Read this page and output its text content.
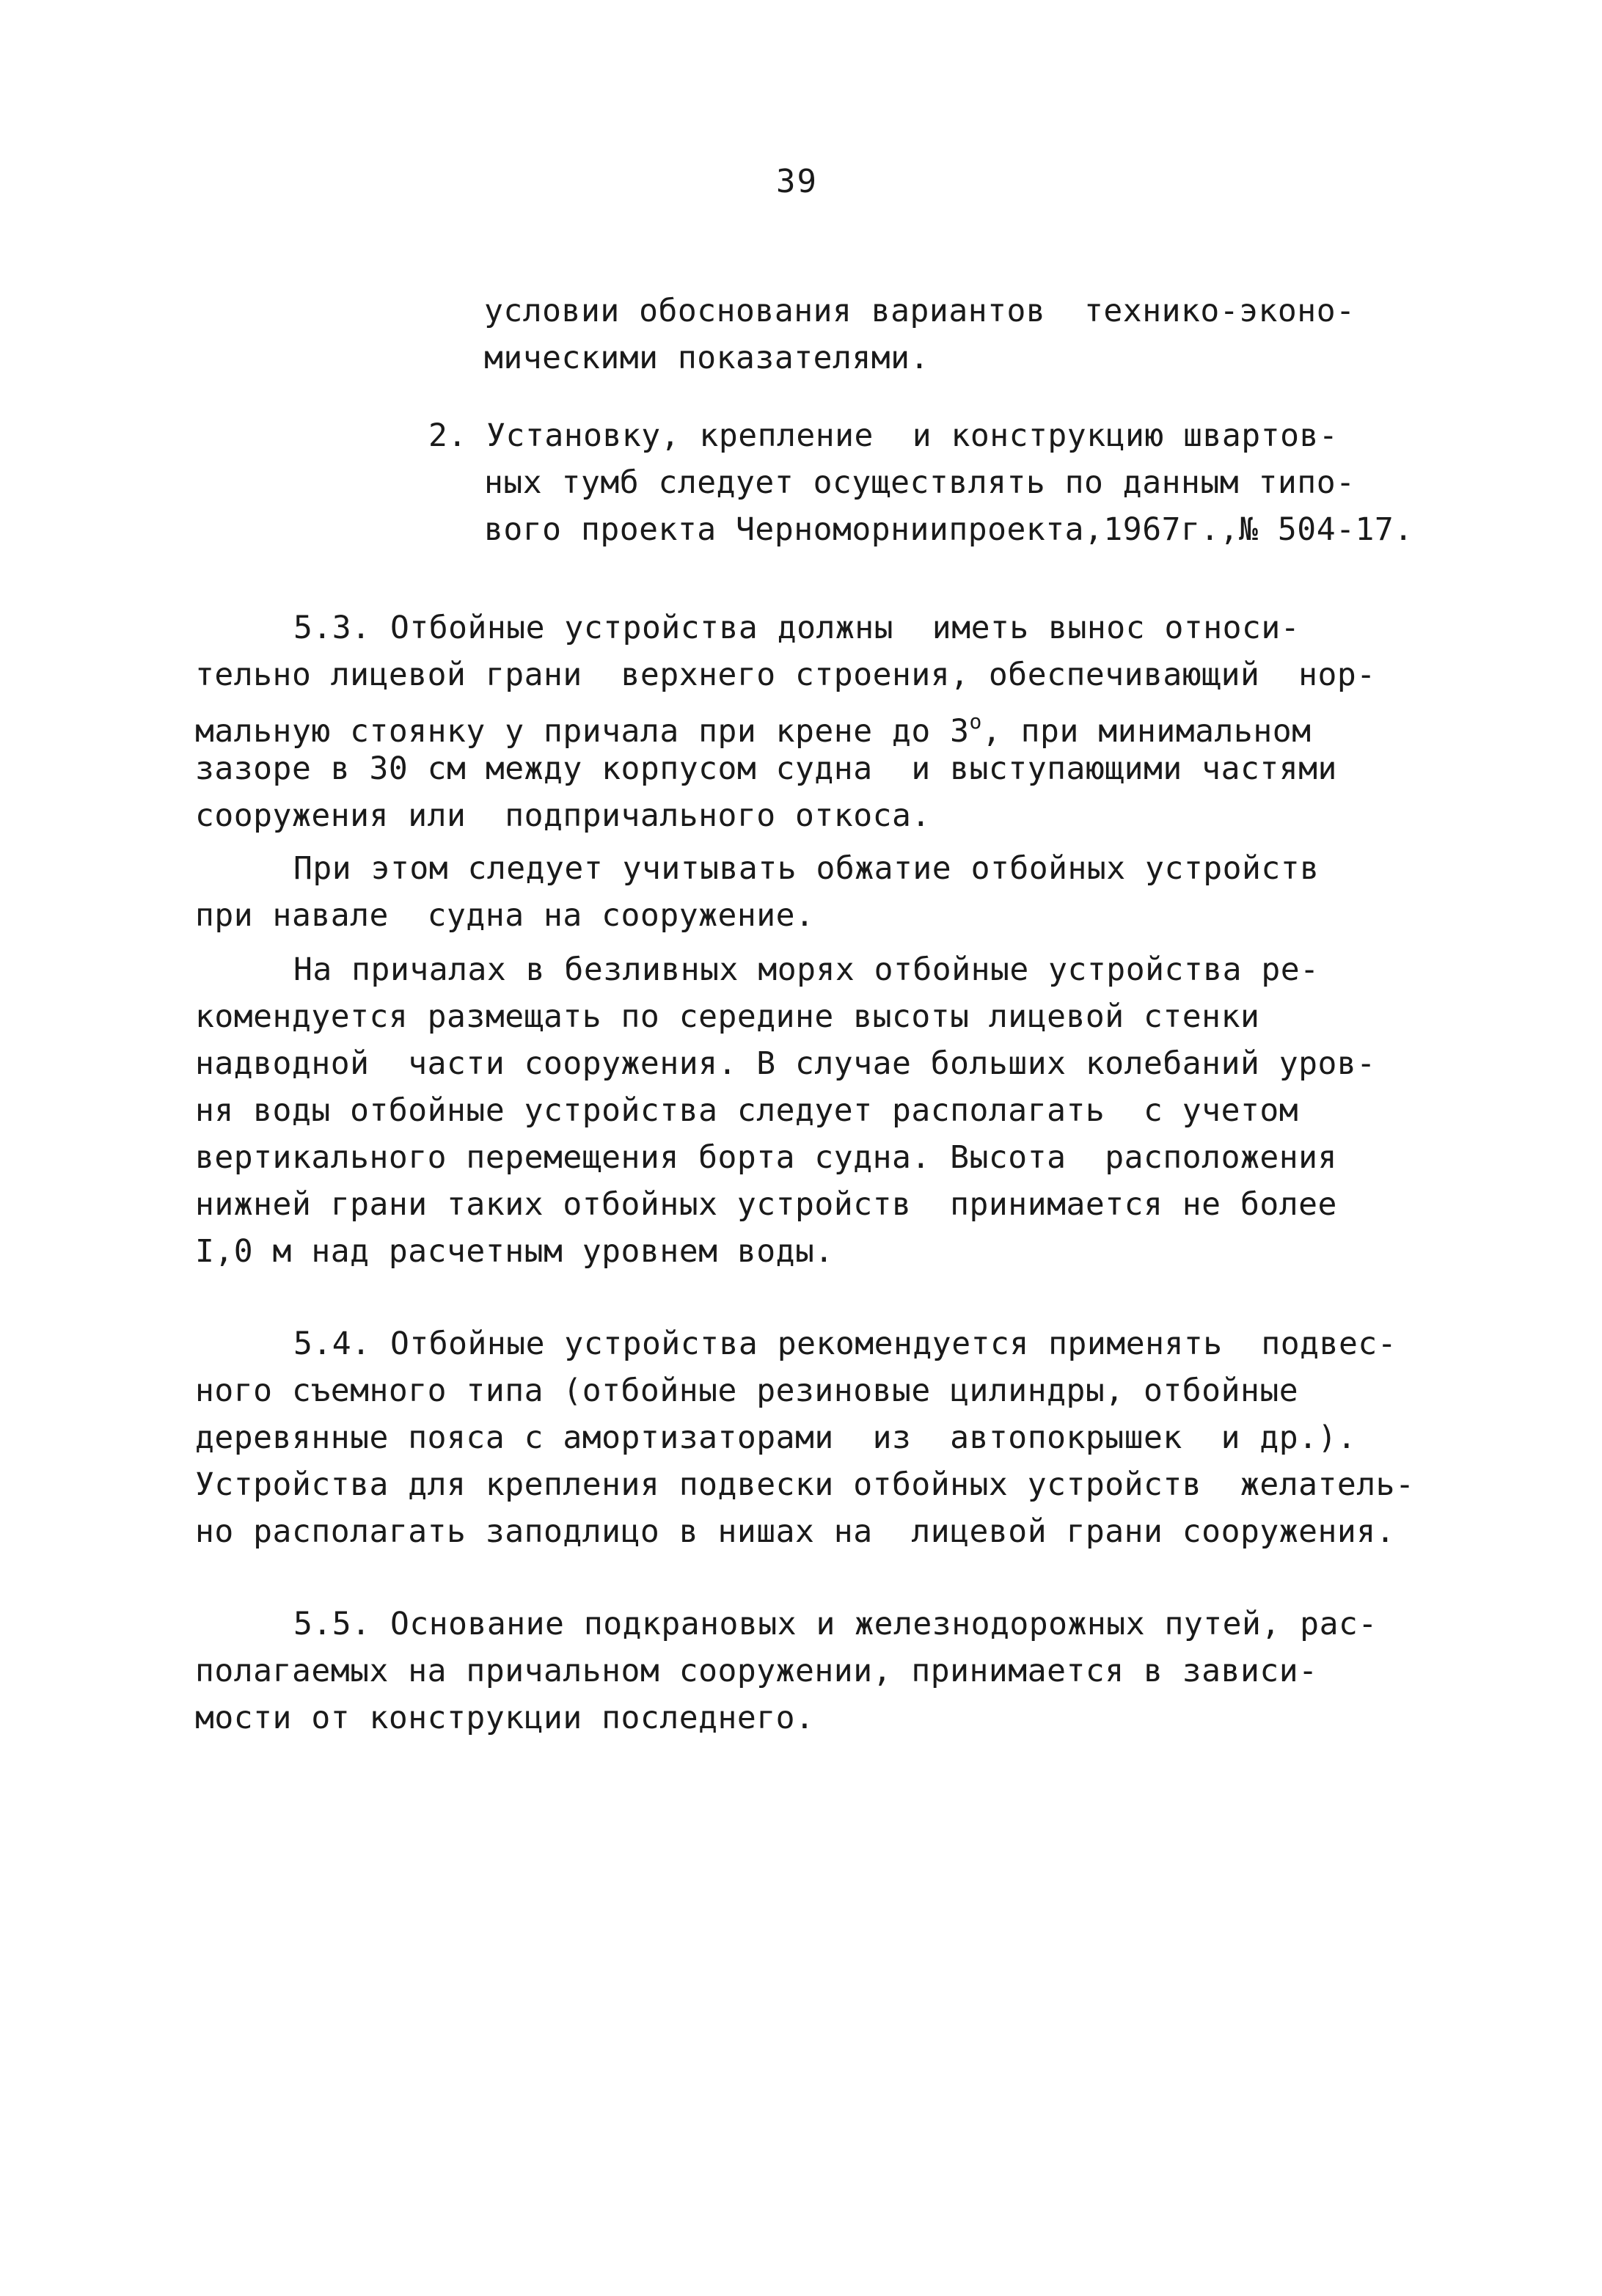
39
условии обоснования вариантов  технико-эконо-
мическими показателями.
2. Установку, крепление  и конструкцию швартов-
ных тумб следует осуществлять по данным типо-
вого проекта Черноморниипроекта,1967г.,№ 504-17.
5.3. Отбойные устройства должны  иметь вынос относи-
тельно лицевой грани  верхнего строения, обеспечивающий  нор-
мальную стоянку у причала при крене до $3^о$, при минимальном
зазоре в 30 см между корпусом судна  и выступающими частями
сооружения или  подпричального откоса.
При этом следует учитывать обжатие отбойных устройств
при навале  судна на сооружение.
На причалах в безливных морях отбойные устройства ре-
комендуется размещать по середине высоты лицевой стенки
надводной  части сооружения. В случае больших колебаний уров-
ня воды отбойные устройства следует располагать  с учетом
вертикального перемещения борта судна. Высота  расположения
нижней грани таких отбойных устройств  принимается не более
I,0 м над расчетным уровнем воды.
5.4. Отбойные устройства рекомендуется применять  подвес-
ного съемного типа (отбойные резиновые цилиндры, отбойные
деревянные пояса с амортизаторами  из  автопокрышек  и др.).
Устройства для крепления подвески отбойных устройств  желатель-
но располагать заподлицо в нишах на  лицевой грани сооружения.
5.5. Основание подкрановых и железнодорожных путей, рас-
полагаемых на причальном сооружении, принимается в зависи-
мости от конструкции последнего.
